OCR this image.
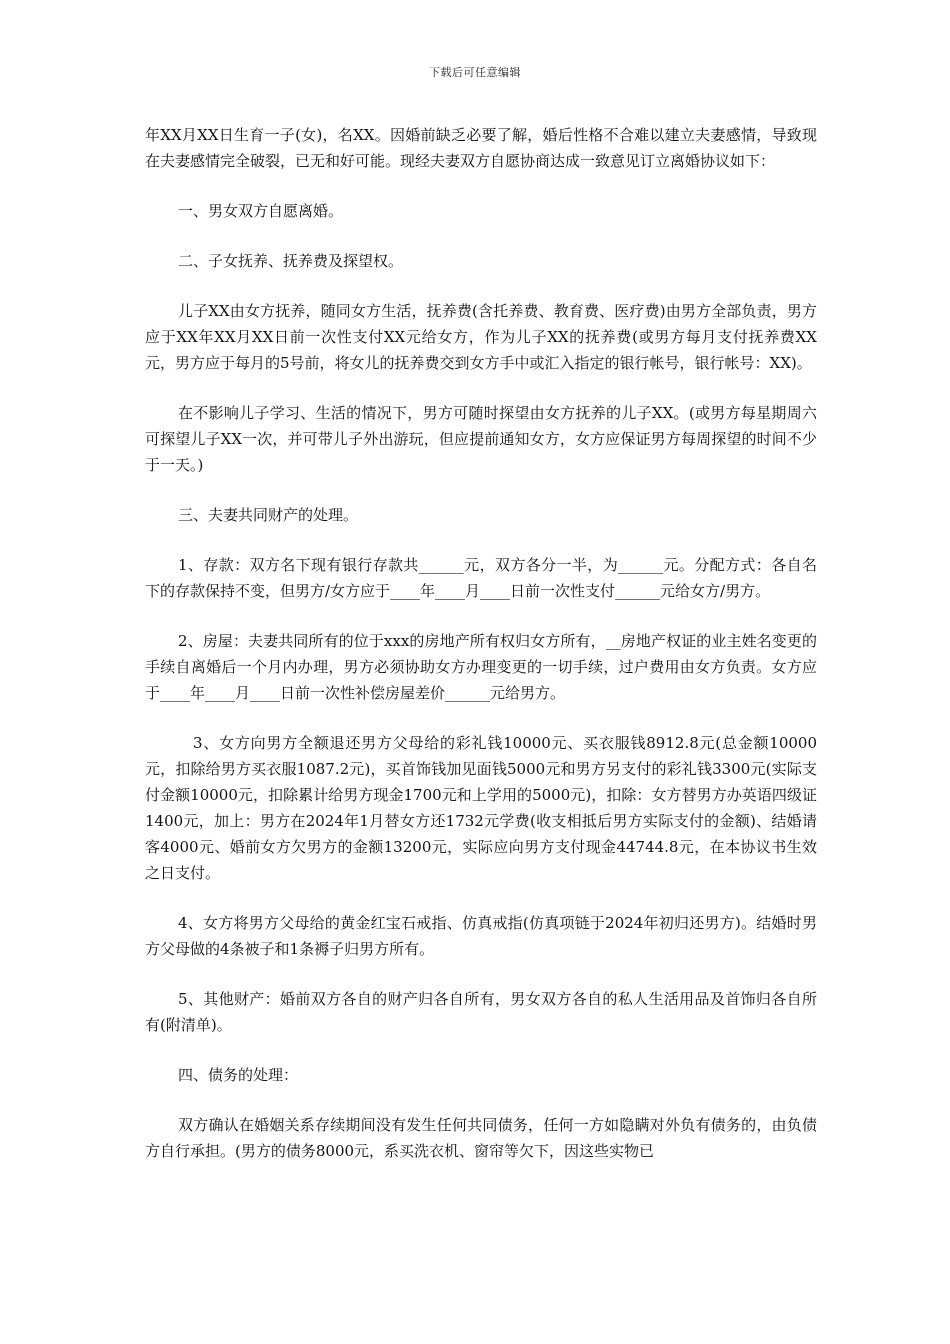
下载后可任意编辑

年XX月XX日生育一子(女)，名XX。因婚前缺乏必要了解，婚后性格不合难以建立夫妻感情，导致现在夫妻感情完全破裂，已无和好可能。现经夫妻双方自愿协商达成一致意见订立离婚协议如下：

一、男女双方自愿离婚。

二、子女抚养、抚养费及探望权。

儿子XX由女方抚养，随同女方生活，抚养费(含托养费、教育费、医疗费)由男方全部负责，男方应于XX年XX月XX日前一次性支付XX元给女方，作为儿子XX的抚养费(或男方每月支付抚养费XX元，男方应于每月的5号前，将女儿的抚养费交到女方手中或汇入指定的银行帐号，银行帐号：XX)。

在不影响儿子学习、生活的情况下，男方可随时探望由女方抚养的儿子XX。(或男方每星期周六可探望儿子XX一次，并可带儿子外出游玩，但应提前通知女方，女方应保证男方每周探望的时间不少于一天。)

三、夫妻共同财产的处理。

1、存款：双方名下现有银行存款共______元，双方各分一半，为______元。分配方式：各自名下的存款保持不变，但男方/女方应于____年____月____日前一次性支付______元给女方/男方。

2、房屋：夫妻共同所有的位于xxx的房地产所有权归女方所有，__房地产权证的业主姓名变更的手续自离婚后一个月内办理，男方必须协助女方办理变更的一切手续，过户费用由女方负责。女方应于____年____月____日前一次性补偿房屋差价______元给男方。

3、女方向男方全额退还男方父母给的彩礼钱10000元、买衣服钱8912.8元(总金额10000元，扣除给男方买衣服1087.2元)，买首饰钱加见面钱5000元和男方另支付的彩礼钱3300元(实际支付金额10000元，扣除累计给男方现金1700元和上学用的5000元)，扣除：女方替男方办英语四级证1400元，加上：男方在2024年1月替女方还1732元学费(收支相抵后男方实际支付的金额)、结婚请客4000元、婚前女方欠男方的金额13200元，实际应向男方支付现金44744.8元，在本协议书生效之日支付。

4、女方将男方父母给的黄金红宝石戒指、仿真戒指(仿真项链于2024年初归还男方)。结婚时男方父母做的4条被子和1条褥子归男方所有。

5、其他财产：婚前双方各自的财产归各自所有，男女双方各自的私人生活用品及首饰归各自所有(附清单)。

四、债务的处理：

双方确认在婚姻关系存续期间没有发生任何共同债务，任何一方如隐瞒对外负有债务的，由负债方自行承担。(男方的债务8000元，系买洗衣机、窗帘等欠下，因这些实物已
